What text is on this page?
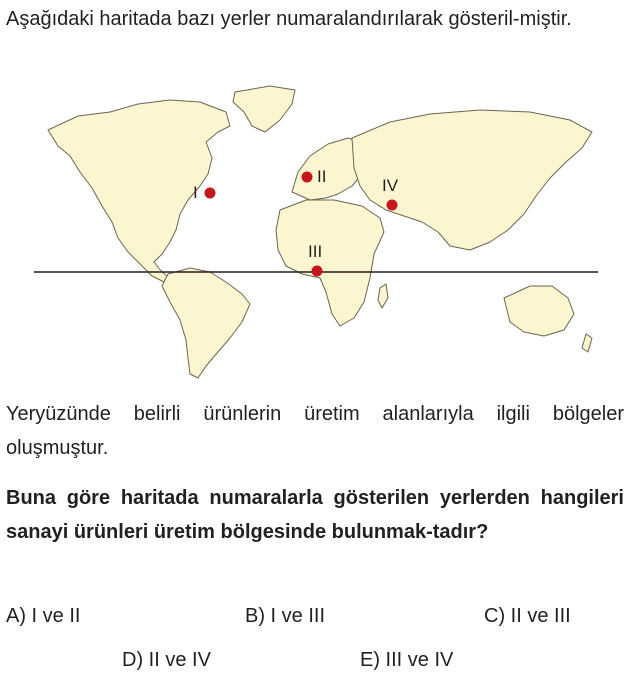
Aşağıdaki haritada bazı yerler numaralandırılarak gösteril-miştir.
I
II
III
IV
Yeryüzünde belirli ürünlerin üretim alanlarıyla ilgili bölgeler oluşmuştur.
Buna göre haritada numaralarla gösterilen yerlerden hangileri sanayi ürünleri üretim bölgesinde bulunmak-tadır?
A) I ve II	B) I ve III	C) II ve III
D) II ve IV	E) III ve IV
